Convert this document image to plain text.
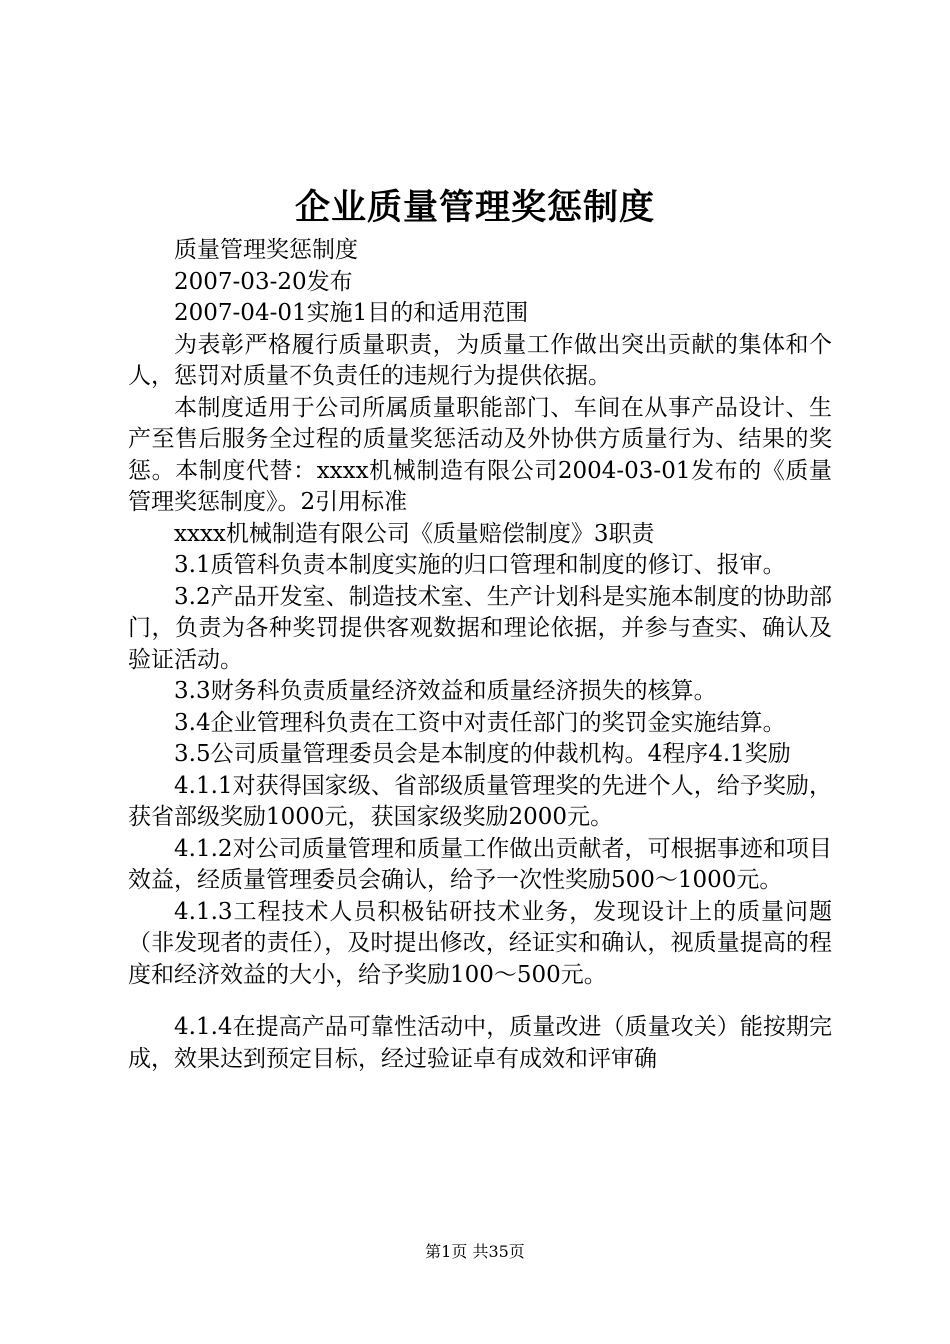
企业质量管理奖惩制度

质量管理奖惩制度

2007-03-20发布

2007-04-01实施1目的和适用范围

为表彰严格履行质量职责，为质量工作做出突出贡献的集体和个人，惩罚对质量不负责任的违规行为提供依据。

本制度适用于公司所属质量职能部门、车间在从事产品设计、生产至售后服务全过程的质量奖惩活动及外协供方质量行为、结果的奖惩。本制度代替：xxxx机械制造有限公司2004-03-01发布的《质量管理奖惩制度》。2引用标准

xxxx机械制造有限公司《质量赔偿制度》3职责

3.1质管科负责本制度实施的归口管理和制度的修订、报审。

3.2产品开发室、制造技术室、生产计划科是实施本制度的协助部门，负责为各种奖罚提供客观数据和理论依据，并参与查实、确认及验证活动。

3.3财务科负责质量经济效益和质量经济损失的核算。

3.4企业管理科负责在工资中对责任部门的奖罚金实施结算。

3.5公司质量管理委员会是本制度的仲裁机构。4程序4.1奖励

4.1.1对获得国家级、省部级质量管理奖的先进个人，给予奖励，获省部级奖励1000元，获国家级奖励2000元。

4.1.2对公司质量管理和质量工作做出贡献者，可根据事迹和项目效益，经质量管理委员会确认，给予一次性奖励500～1000元。

4.1.3工程技术人员积极钻研技术业务，发现设计上的质量问题（非发现者的责任），及时提出修改，经证实和确认，视质量提高的程度和经济效益的大小，给予奖励100～500元。

4.1.4在提高产品可靠性活动中，质量改进（质量攻关）能按期完成，效果达到预定目标，经过验证卓有成效和评审确

第1页 共35页
